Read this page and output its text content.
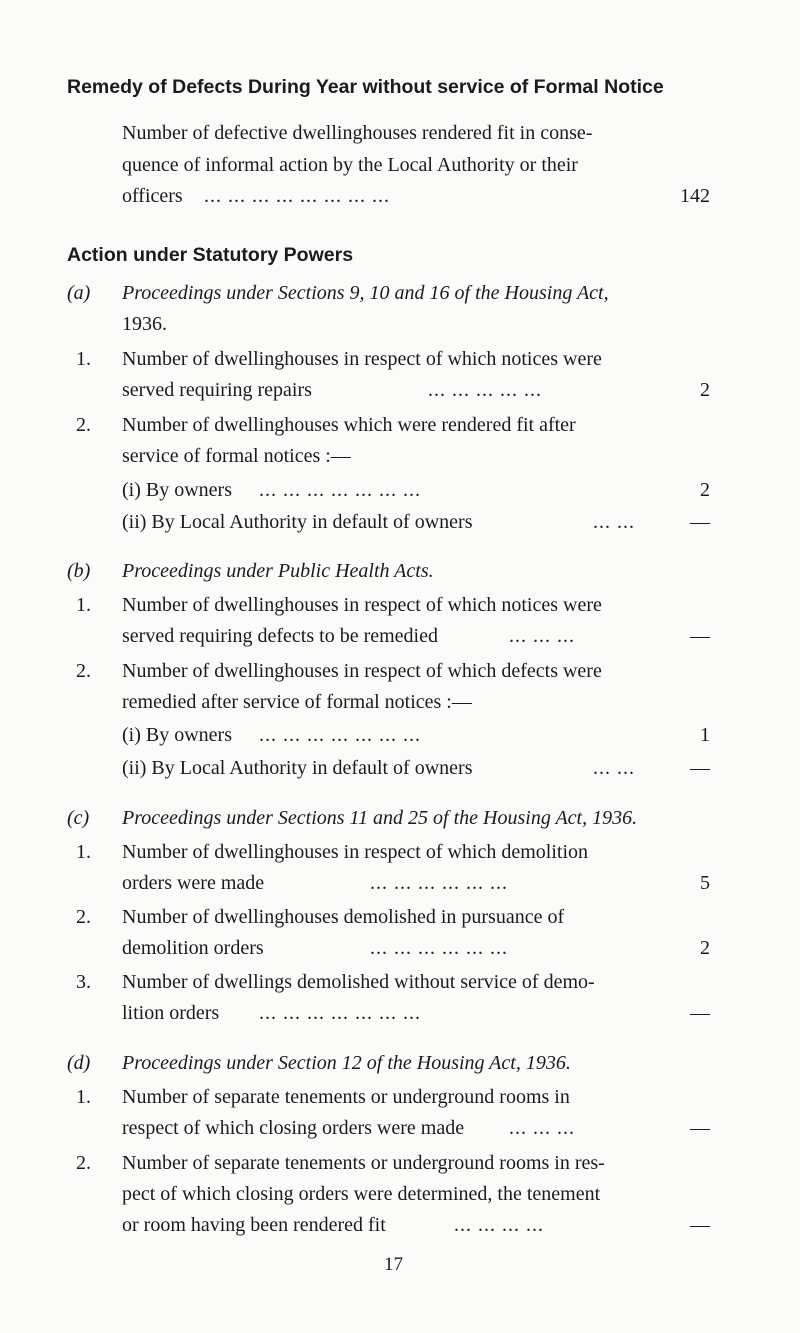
Remedy of Defects During Year without service of Formal Notice
Number of defective dwellinghouses rendered fit in conse-
quence of informal action by the Local Authority or their
officers ... ... ... ... ... ... ... ...	142
Action under Statutory Powers
(a) Proceedings under Sections 9, 10 and 16 of the Housing Act,
1936.
1. Number of dwellinghouses in respect of which notices were
served requiring repairs	... ... ... ... ...	2
2. Number of dwellinghouses which were rendered fit after
service of formal notices :—
(i) By owners ... ... ... ... ... ... ...	2
(ii) By Local Authority in default of owners	... ...	—
(b) Proceedings under Public Health Acts.
1. Number of dwellinghouses in respect of which notices were
served requiring defects to be remedied	... ... ...	—
2. Number of dwellinghouses in respect of which defects were
remedied after service of formal notices :—
(i) By owners ... ... ... ... ... ... ...	1
(ii) By Local Authority in default of owners	... ...	—
(c) Proceedings under Sections 11 and 25 of the Housing Act, 1936.
1. Number of dwellinghouses in respect of which demolition
orders were made	... ... ... ... ... ...	5
2. Number of dwellinghouses demolished in pursuance of
demolition orders	... ... ... ... ... ...	2
3. Number of dwellings demolished without service of demo-
lition orders ... ... ... ... ... ... ...	—
(d) Proceedings under Section 12 of the Housing Act, 1936.
1. Number of separate tenements or underground rooms in
respect of which closing orders were made ... ... ...	—
2. Number of separate tenements or underground rooms in res-
pect of which closing orders were determined, the tenement
or room having been rendered fit	... ... ... ...	—
17
